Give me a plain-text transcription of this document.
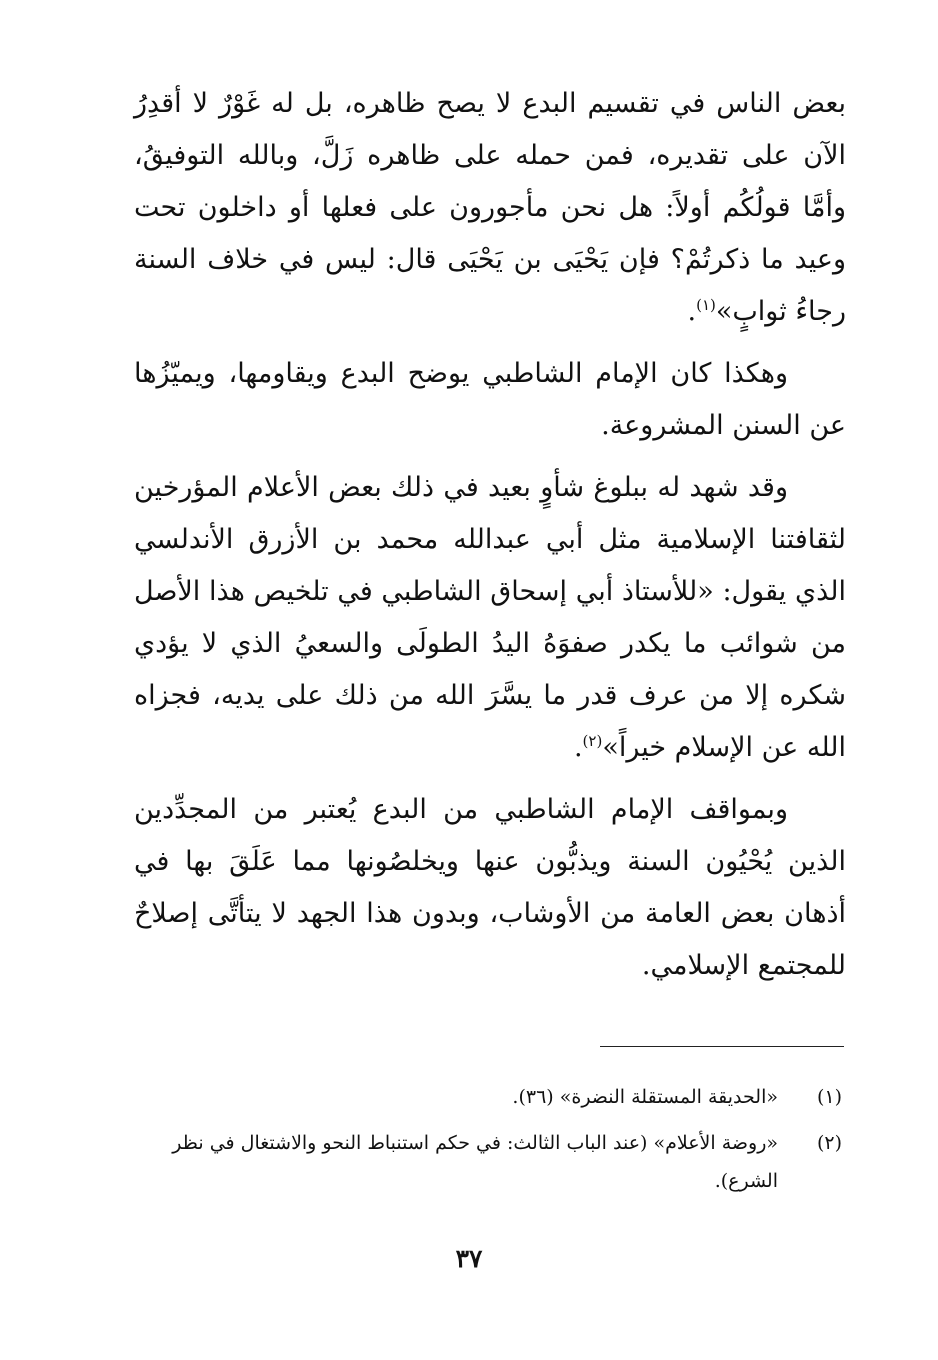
بعض الناس في تقسيم البدع لا يصح ظاهره، بل له غَوْرٌ لا أقدِرُ الآن على تقديره، فمن حمله على ظاهره زَلَّ، وبالله التوفيقُ، وأمَّا قولُكُم أولاً: هل نحن مأجورون على فعلها أو داخلون تحت وعيد ما ذكرتُمْ؟ فإن يَحْيَى بن يَحْيَى قال: ليس في خلاف السنة رجاءُ ثوابٍ»$^{(١)}$.

وهكذا كان الإمام الشاطبي يوضح البدع ويقاومها، ويميّزُها عن السنن المشروعة.

وقد شهد له ببلوغ شأوٍ بعيد في ذلك بعض الأعلام المؤرخين لثقافتنا الإسلامية مثل أبي عبدالله محمد بن الأزرق الأندلسي الذي يقول: «للأستاذ أبي إسحاق الشاطبي في تلخيص هذا الأصل من شوائب ما يكدر صفوَهُ اليدُ الطولَى والسعيُ الذي لا يؤدي شكره إلا من عرف قدر ما يسَّرَ الله من ذلك على يديه، فجزاه الله عن الإسلام خيراً»$^{(٢)}$.

وبمواقف الإمام الشاطبي من البدع يُعتبر من المجدِّدين الذين يُحْيُون السنة ويذبُّون عنها ويخلصُونها مما عَلَقَ بها في أذهان بعض العامة من الأوشاب، وبدون هذا الجهد لا يتأتَّى إصلاحٌ للمجتمع الإسلامي.

(١)
«الحديقة المستقلة النضرة» (٣٦).
(٢)
«روضة الأعلام» (عند الباب الثالث: في حكم استنباط النحو والاشتغال في نظر الشرع).
٣٧
